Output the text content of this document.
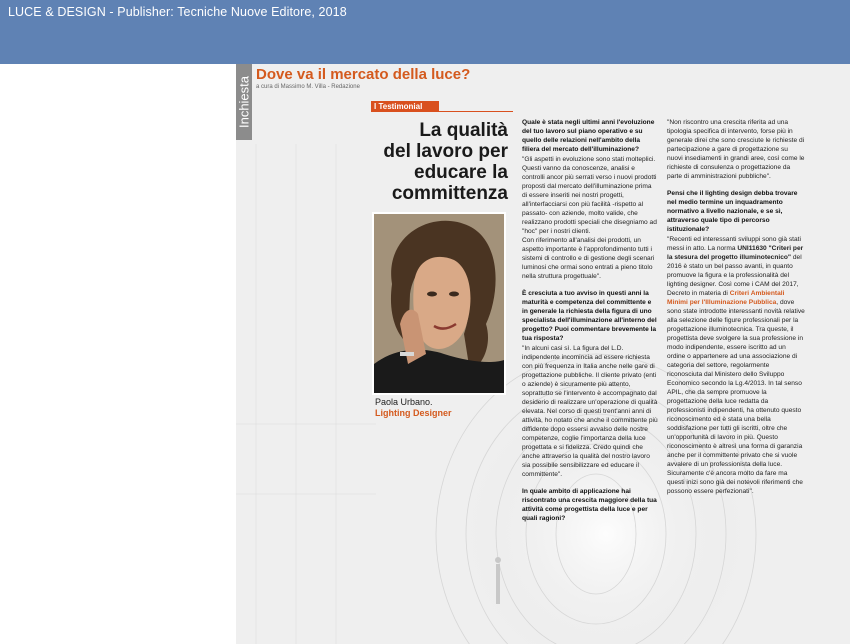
LUCE & DESIGN - Publisher: Tecniche Nuove Editore, 2018
Inchiesta
Dove va il mercato della luce?
a cura di Massimo M. Villa - Redazione
I Testimonial
La qualità
del lavoro per
educare la
committenza
Paola Urbano.
Lighting Designer
Quale è stata negli ultimi anni l'evoluzione del tuo lavoro sul piano operativo e su quello delle relazioni nell'ambito della filiera del mercato dell'illuminazione?
"Gli aspetti in evoluzione sono stati molteplici. Questi vanno da conoscenze, analisi e controlli ancor più serrati verso i nuovi prodotti proposti dal mercato dell'illuminazione prima di essere inseriti nei nostri progetti, all'interfacciarsi con più facilità -rispetto al passato- con aziende, molto valide, che realizzano prodotti speciali che disegniamo ad "hoc" per i nostri clienti.
Con riferimento all'analisi dei prodotti, un aspetto importante è l'approfondimento tutti i sistemi di controllo e di gestione degli scenari luminosi che ormai sono entrati a pieno titolo nella struttura progettuale".
È cresciuta a tuo avviso in questi anni la maturità e competenza del committente e in generale la richiesta della figura di uno specialista dell'illuminazione all'interno del progetto? Puoi commentare brevemente la tua risposta?
"In alcuni casi sì. La figura del L.D. indipendente incomincia ad essere richiesta con più frequenza in Italia anche nelle gare di progettazione pubbliche. Il cliente privato (enti o aziende) è sicuramente più attento, soprattutto se l'intervento è accompagnato dal desiderio di realizzare un'operazione di qualità elevata. Nel corso di questi trent'anni anni di attività, ho notato che anche il committente più diffidente dopo essersi avvalso delle nostre competenze, coglie l'importanza della luce progettata e si fidelizza. Credo quindi che anche attraverso la qualità del nostro lavoro sia possibile sensibilizzare ed educare il committente".
In quale ambito di applicazione hai riscontrato una crescita maggiore della tua attività come progettista della luce e per quali ragioni?
"Non riscontro una crescita riferita ad una tipologia specifica di intervento, forse più in generale direi che sono cresciute le richieste di partecipazione a gare di progettazione su nuovi insediamenti in grandi aree, così come le richieste di consulenza o progettazione da parte di amministrazioni pubbliche".
Pensi che il lighting design debba trovare nel medio termine un inquadramento normativo a livello nazionale, e se sì, attraverso quale tipo di percorso istituzionale?
"Recenti ed interessanti sviluppi sono già stati messi in atto. La norma UNI11630 "Criteri per la stesura del progetto illuminotecnico" del 2016 è stato un bel passo avanti, in quanto promuove la figura e la professionalità del lighting designer. Così come i CAM del 2017, Decreto in materia di Criteri Ambientali Minimi per l'Illuminazione Pubblica, dove sono state introdotte interessanti novità relative alla selezione delle figure professionali per la progettazione illuminotecnica. Tra queste, il progettista deve svolgere la sua professione in modo indipendente, essere iscritto ad un ordine o appartenere ad una associazione di categoria del settore, regolarmente riconosciuta dal Ministero dello Sviluppo Economico secondo la Lg.4/2013. In tal senso APIL, che da sempre promuove la progettazione della luce redatta da professionisti indipendenti, ha ottenuto questo riconoscimento ed è stata una bella soddisfazione per tutti gli iscritti, oltre che un'opportunità di lavoro in più. Questo riconoscimento è altresì una forma di garanzia anche per il committente privato che si vuole avvalere di un professionista della luce. Sicuramente c'è ancora molto da fare ma questi inizi sono già dei notevoli riferimenti che possono essere perfezionati".
